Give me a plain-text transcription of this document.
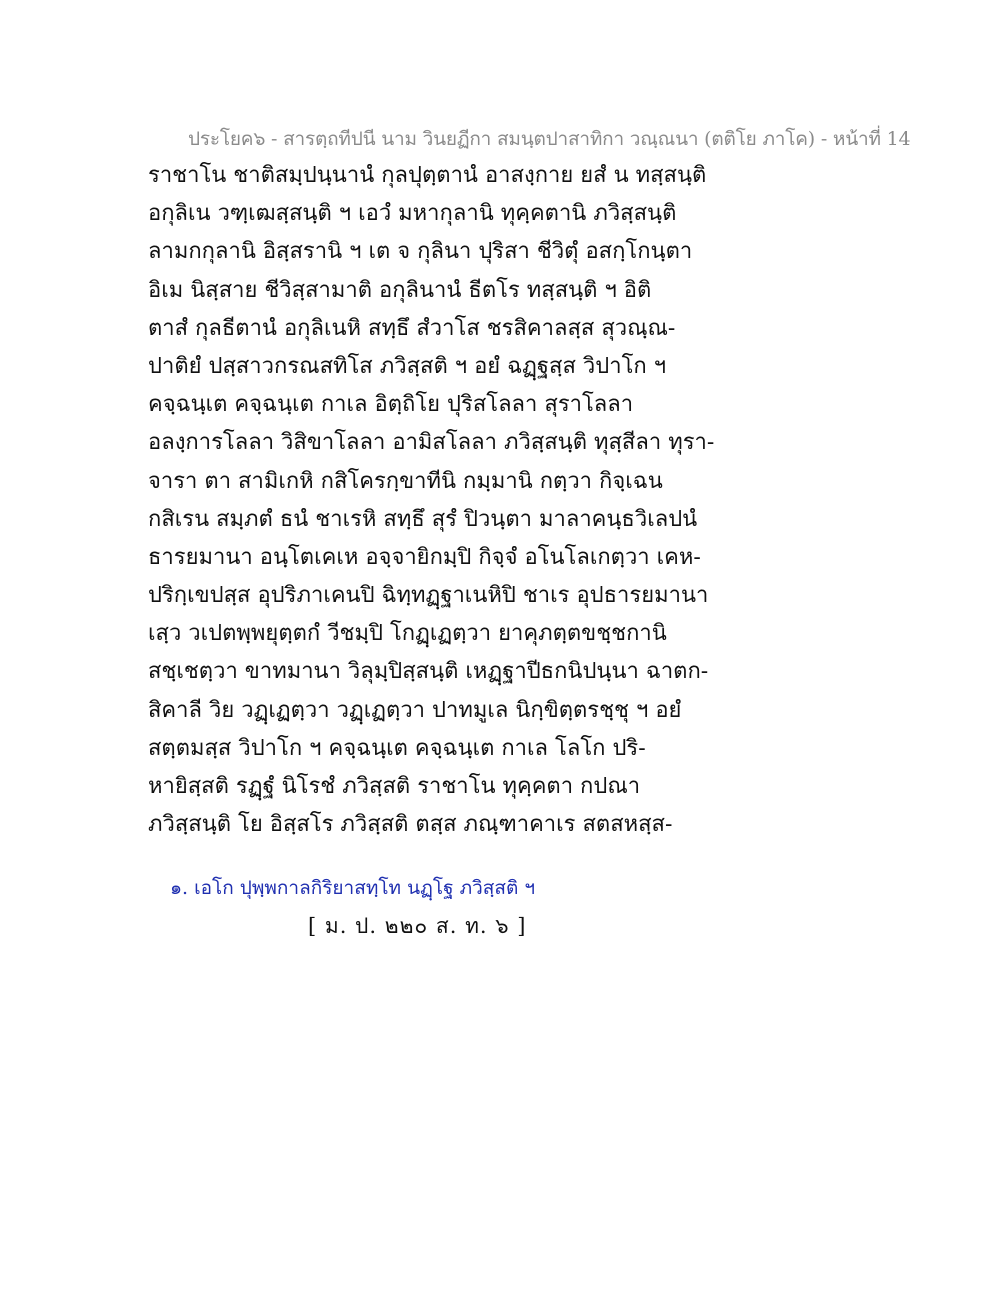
ประโยค๖ - สารตฺถทีปนี นาม วินยฏีกา สมนฺตปาสาทิกา วณฺณนา (ตติโย ภาโค) - หน้าที่ 14
ราชาโน ชาติสมฺปนฺนานํ กุลปุตฺตานํ อาสงฺกาย ยสํ น ทสฺสนฺติ
อกุลิเน วฑฺเฒสฺสนฺติ ฯ เอวํ มหากุลานิ ทุคฺคตานิ ภวิสฺสนฺติ
ลามกกุลานิ อิสฺสรานิ ฯ เต จ กุลินา ปุริสา ชีวิตุํ อสกฺโกนฺตา
อิเม นิสฺสาย ชีวิสฺสามาติ อกุลินานํ ธีตโร ทสฺสนฺติ ฯ อิติ
ตาสํ กุลธีตานํ อกุลิเนหิ สทฺธึ สํวาโส ชรสิคาลสฺส สุวณฺณ-
ปาติยํ ปสฺสาวกรณสทิโส ภวิสฺสติ ฯ อยํ ฉฏฺฐสฺส วิปาโก ฯ
คจฺฉนฺเต คจฺฉนฺเต กาเล อิตฺถิโย ปุริสโลลา สุราโลลา
อลงฺการโลลา วิสิขาโลลา อามิสโลลา ภวิสฺสนฺติ ทุสฺสีลา ทุรา-
จารา ตา สามิเกหิ กสิโครกฺขาทีนิ กมฺมานิ กตฺวา กิจฺเฉน
กสิเรน สมฺภตํ ธนํ ชาเรหิ สทฺธึ สุรํ ปิวนฺตา มาลาคนฺธวิเลปนํ
ธารยมานา อนฺโตเคเห อจฺจายิกมฺปิ กิจฺจํ อโนโลเกตฺวา เคห-
ปริกฺเขปสฺส อุปริภาเคนปิ ฉิทฺทฏฺฐาเนหิปิ ชาเร อุปธารยมานา
เสฺว วเปตพฺพยุตฺตกํ วีชมฺปิ โกฏฺเฏตฺวา ยาคุภตฺตขชฺชกานิ
สชฺเชตฺวา ขาทมานา วิลุมฺปิสฺสนฺติ เหฏฺฐาปีธกนิปนฺนา ฉาตก-
สิคาลี วิย วฏฺเฏตฺวา วฏฺเฏตฺวา ปาทมูเล นิกฺขิตฺตรชฺชุ ฯ อยํ
สตฺตมสฺส วิปาโก ฯ คจฺฉนฺเต คจฺฉนฺเต กาเล โลโก ปริ-
หายิสฺสติ รฏฺฐํ นิโรชํ ภวิสฺสติ ราชาโน ทุคฺคตา กปณา
ภวิสฺสนฺติ โย อิสฺสโร ภวิสฺสติ ตสฺส ภณฺฑาคาเร สตสหสฺส-
๑. เอโก ปุพฺพกาลกิริยาสทฺโท นฏฺโฐ ภวิสฺสติ ฯ
[ ม. ป. ๒๒๐ ส. ท. ๖ ]
